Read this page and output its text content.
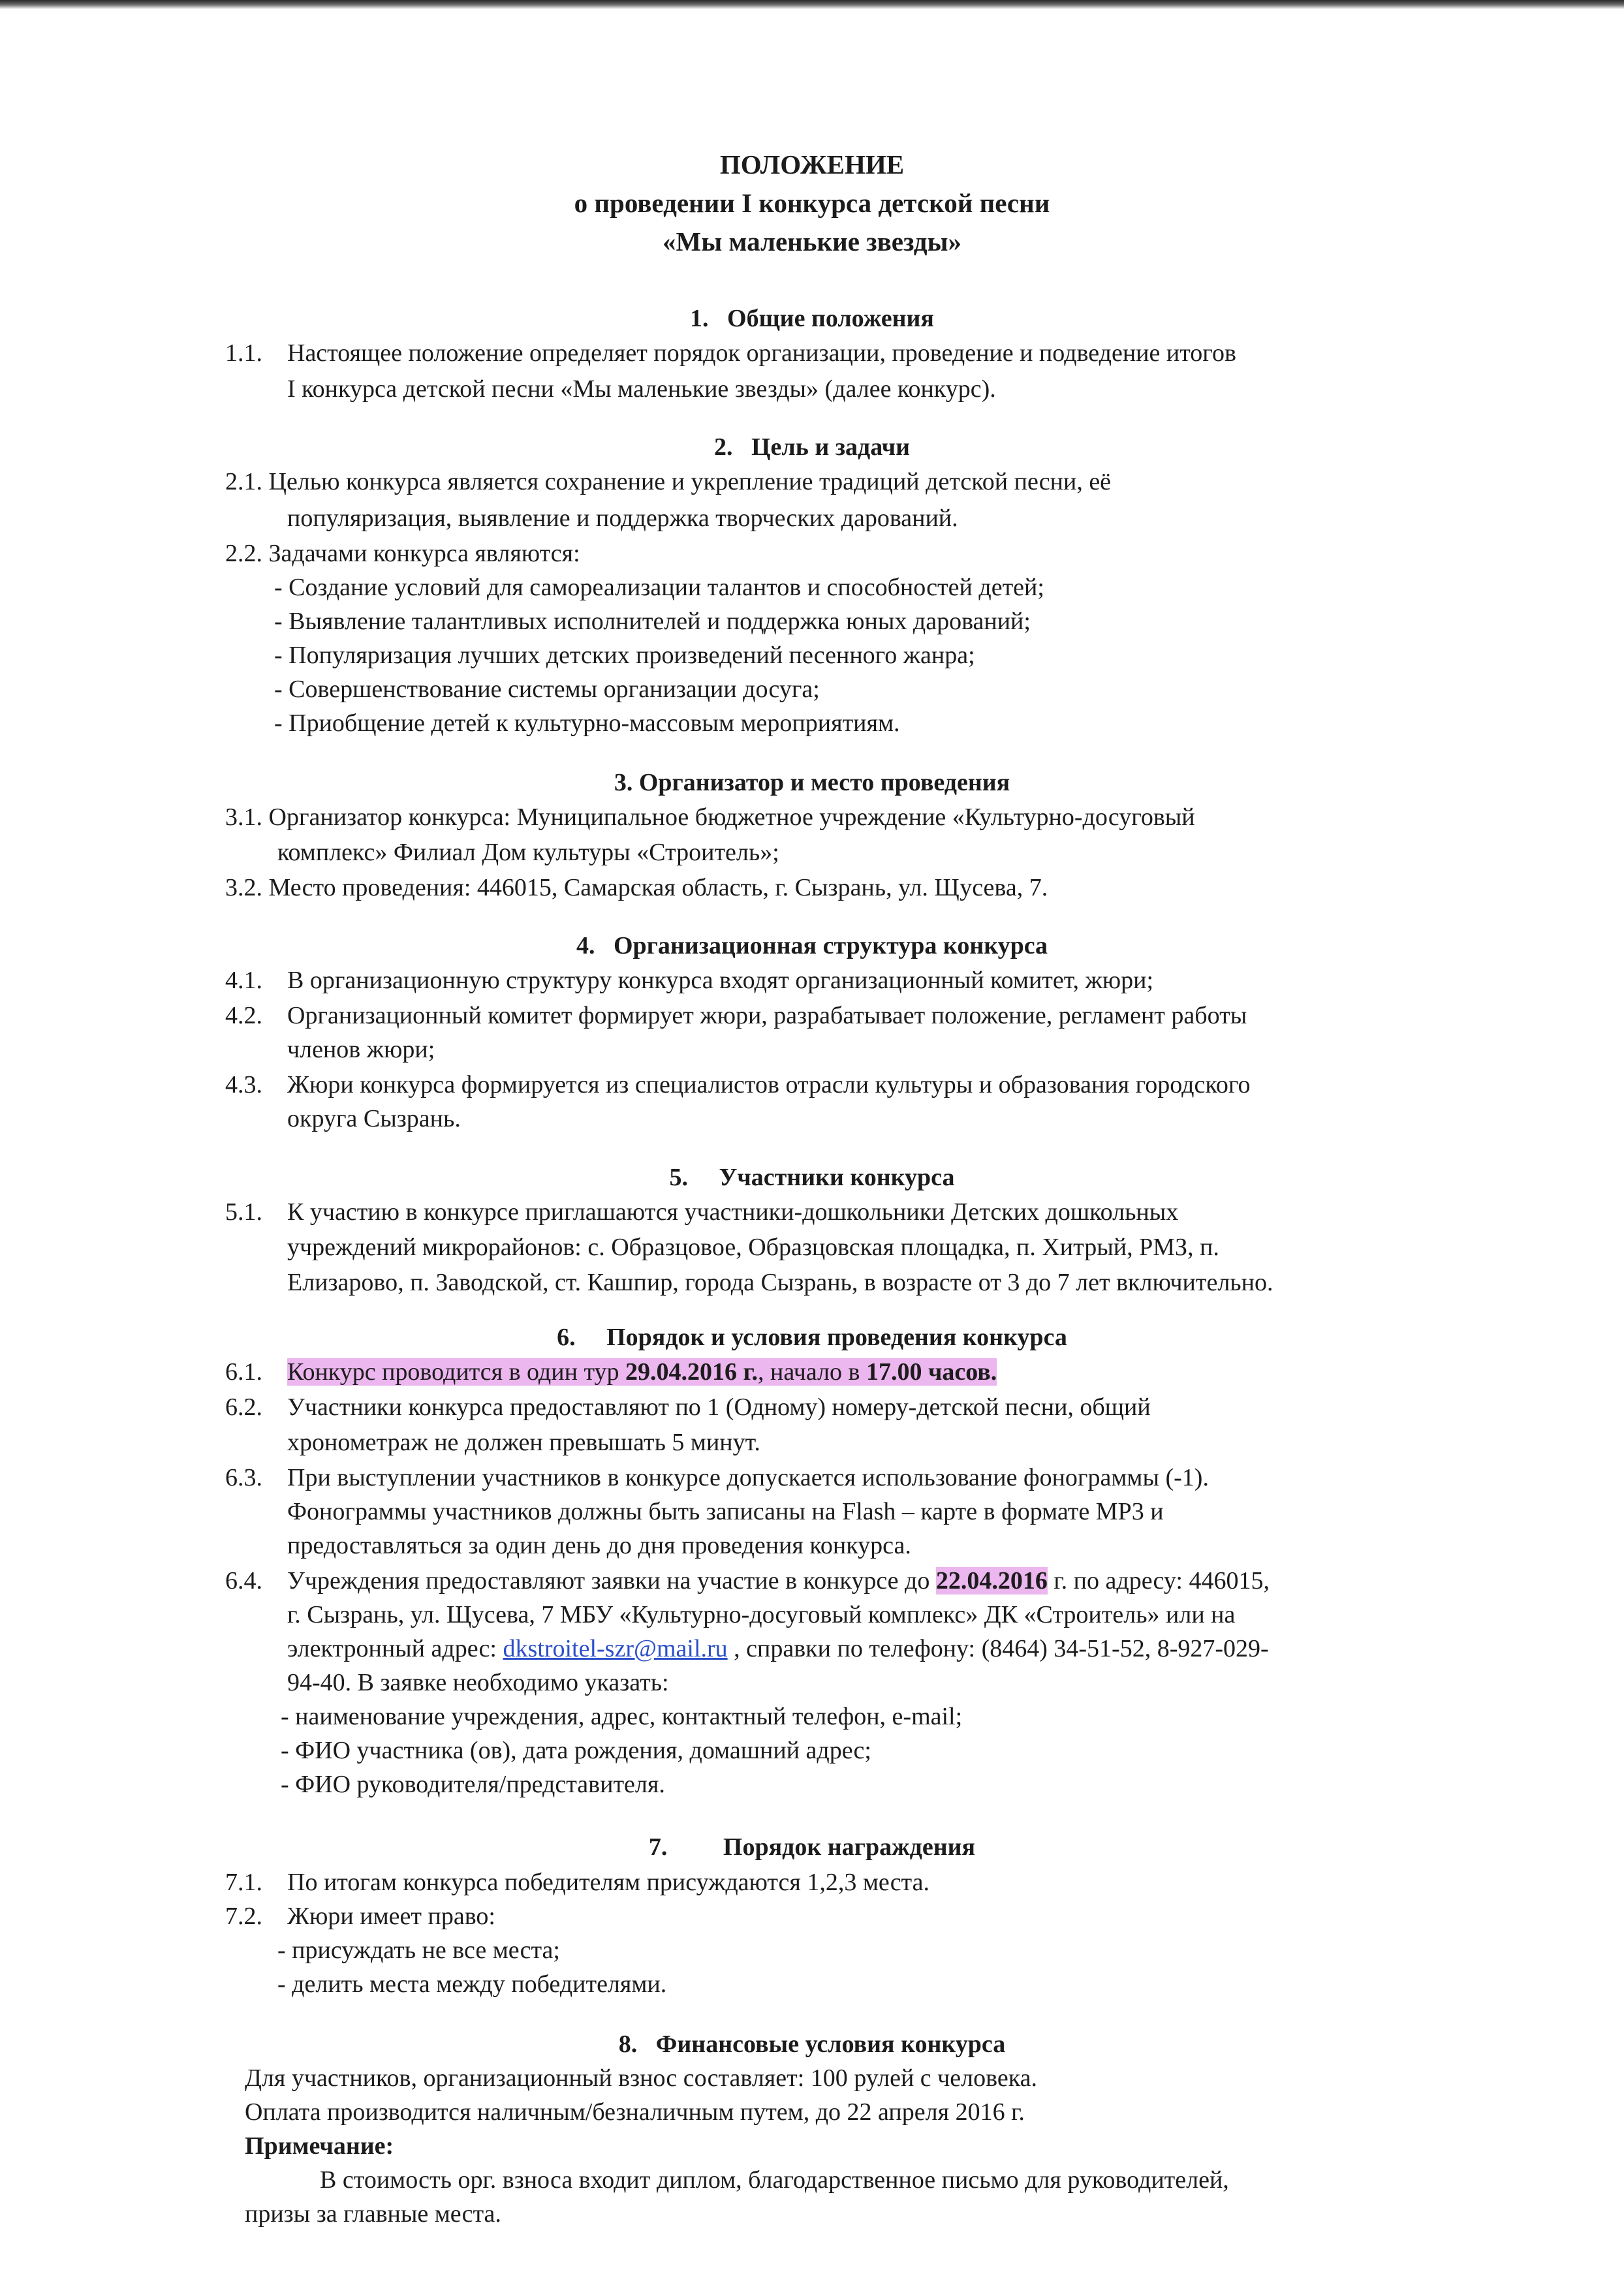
ПОЛОЖЕНИЕ
о проведении I конкурса детской песни
«Мы маленькие звезды»
1. Общие положения
1.1. Настоящее положение определяет порядок организации, проведение и подведение итогов
I конкурса детской песни «Мы маленькие звезды» (далее конкурс).
2. Цель и задачи
2.1. Целью конкурса является сохранение и укрепление традиций детской песни, её
популяризация, выявление и поддержка творческих дарований.
2.2. Задачами конкурса являются:
- Создание условий для самореализации талантов и способностей детей;
- Выявление талантливых исполнителей и поддержка юных дарований;
- Популяризация лучших детских произведений песенного жанра;
- Совершенствование системы организации досуга;
- Приобщение детей к культурно-массовым мероприятиям.
3. Организатор и место проведения
3.1. Организатор конкурса: Муниципальное бюджетное учреждение «Культурно-досуговый
комплекс» Филиал Дом культуры «Строитель»;
3.2. Место проведения: 446015, Самарская область, г. Сызрань, ул. Щусева, 7.
4. Организационная структура конкурса
4.1. В организационную структуру конкурса входят организационный комитет, жюри;
4.2. Организационный комитет формирует жюри, разрабатывает положение, регламент работы
членов жюри;
4.3. Жюри конкурса формируется из специалистов отрасли культуры и образования городского
округа Сызрань.
5. Участники конкурса
5.1. К участию в конкурсе приглашаются участники-дошкольники Детских дошкольных
учреждений микрорайонов: с. Образцовое, Образцовская площадка, п. Хитрый, РМЗ, п.
Елизарово, п. Заводской, ст. Кашпир, города Сызрань, в возрасте от 3 до 7 лет включительно.
6. Порядок и условия проведения конкурса
6.1. Конкурс проводится в один тур 29.04.2016 г., начало в 17.00 часов.
6.2. Участники конкурса предоставляют по 1 (Одному) номеру-детской песни, общий
хронометраж не должен превышать 5 минут.
6.3. При выступлении участников в конкурсе допускается использование фонограммы (-1).
Фонограммы участников должны быть записаны на Flash – карте в формате МР3 и
предоставляться за один день до дня проведения конкурса.
6.4. Учреждения предоставляют заявки на участие в конкурсе до 22.04.2016 г. по адресу: 446015,
г. Сызрань, ул. Щусева, 7 МБУ «Культурно-досуговый комплекс» ДК «Строитель» или на
электронный адрес: dkstroitel-szr@mail.ru , справки по телефону: (8464) 34-51-52, 8-927-029-
94-40. В заявке необходимо указать:
- наименование учреждения, адрес, контактный телефон, e-mail;
- ФИО участника (ов), дата рождения, домашний адрес;
- ФИО руководителя/представителя.
7. Порядок награждения
7.1. По итогам конкурса победителям присуждаются 1,2,3 места.
7.2. Жюри имеет право:
- присуждать не все места;
- делить места между победителями.
8. Финансовые условия конкурса
Для участников, организационный взнос составляет: 100 рулей с человека.
Оплата производится наличным/безналичным путем, до 22 апреля 2016 г.
Примечание:
В стоимость орг. взноса входит диплом, благодарственное письмо для руководителей,
призы за главные места.
